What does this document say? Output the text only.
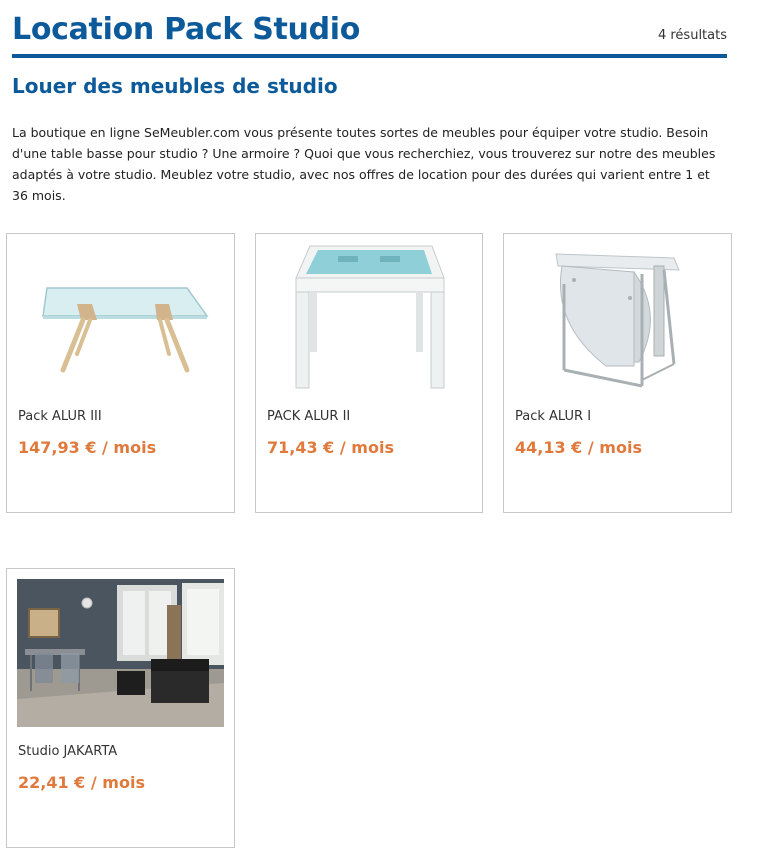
Location Pack Studio	4 résultats
Louer des meubles de studio

La boutique en ligne SeMeubler.com vous présente toutes sortes de meubles pour équiper votre studio. Besoin d'une table basse pour studio ? Une armoire ? Quoi que vous recherchiez, vous trouverez sur notre des meubles adaptés à votre studio. Meublez votre studio, avec nos offres de location pour des durées qui varient entre 1 et 36 mois.

Pack ALUR III
147,93 € / mois
PACK ALUR II
71,43 € / mois
Pack ALUR I
44,13 € / mois
Studio JAKARTA
22,41 € / mois
